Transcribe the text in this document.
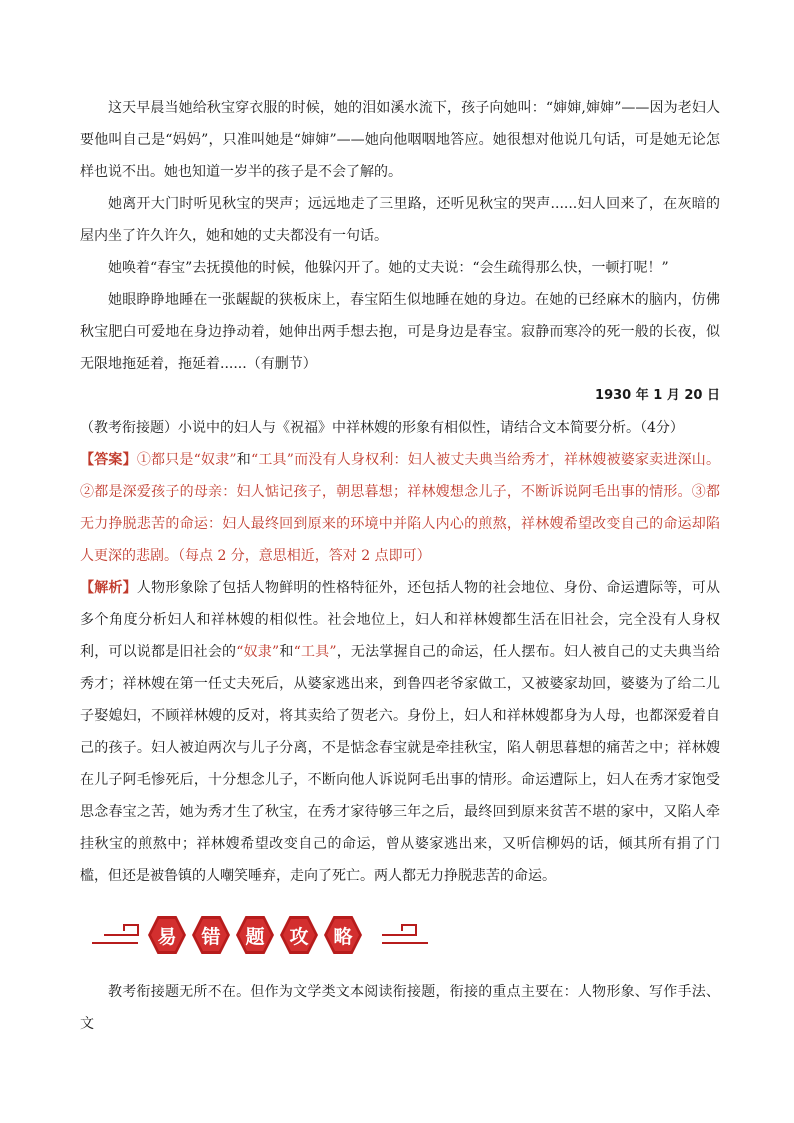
这天早晨当她给秋宝穿衣服的时候，她的泪如溪水流下，孩子向她叫：“婶婶,婶婶”——因为老妇人要他叫自己是“妈妈”，只准叫她是“婶婶”——她向他咽咽地答应。她很想对他说几句话，可是她无论怎样也说不出。她也知道一岁半的孩子是不会了解的。

她离开大门时听见秋宝的哭声；远远地走了三里路，还听见秋宝的哭声......妇人回来了，在灰暗的屋内坐了许久许久，她和她的丈夫都没有一句话。

她唤着“春宝”去抚摸他的时候，他躲闪开了。她的丈夫说：“会生疏得那么快，一顿打呢！”

她眼睁睁地睡在一张龌龊的狭板床上，春宝陌生似地睡在她的身边。在她的已经麻木的脑内，仿佛秋宝肥白可爱地在身边挣动着，她伸出两手想去抱，可是身边是春宝。寂静而寒冷的死一般的长夜，似无限地拖延着，拖延着......（有删节）

1930 年 1 月 20 日

（教考衔接题）小说中的妇人与《祝福》中祥林嫂的形象有相似性，请结合文本简要分析。（4分）

【答案】①都只是“奴隶”和“工具”而没有人身权利：妇人被丈夫典当给秀才，祥林嫂被婆家卖进深山。②都是深爱孩子的母亲：妇人惦记孩子，朝思暮想；祥林嫂想念儿子，不断诉说阿毛出事的情形。③都无力挣脱悲苦的命运：妇人最终回到原来的环境中并陷人内心的煎熬，祥林嫂希望改变自己的命运却陷人更深的悲剧。（每点 2 分，意思相近，答对 2 点即可）

【解析】人物形象除了包括人物鲜明的性格特征外，还包括人物的社会地位、身份、命运遭际等，可从多个角度分析妇人和祥林嫂的相似性。社会地位上，妇人和祥林嫂都生活在旧社会，完全没有人身权利，可以说都是旧社会的“奴隶”和“工具”，无法掌握自己的命运，任人摆布。妇人被自己的丈夫典当给秀才；祥林嫂在第一任丈夫死后，从婆家逃出来，到鲁四老爷家做工，又被婆家劫回，婆婆为了给二儿子娶媳妇，不顾祥林嫂的反对，将其卖给了贺老六。身份上，妇人和祥林嫂都身为人母，也都深爱着自己的孩子。妇人被迫两次与儿子分离，不是惦念春宝就是牵挂秋宝，陷人朝思暮想的痛苦之中；祥林嫂在儿子阿毛惨死后，十分想念儿子，不断向他人诉说阿毛出事的情形。命运遭际上，妇人在秀才家饱受思念春宝之苦，她为秀才生了秋宝，在秀才家待够三年之后，最终回到原来贫苦不堪的家中，又陷人牵挂秋宝的煎熬中；祥林嫂希望改变自己的命运，曾从婆家逃出来，又听信柳妈的话，倾其所有捐了门槛，但还是被鲁镇的人嘲笑唾弃，走向了死亡。两人都无力挣脱悲苦的命运。

易	错	题	攻	略

教考衔接题无所不在。但作为文学类文本阅读衔接题，衔接的重点主要在：人物形象、写作手法、文
